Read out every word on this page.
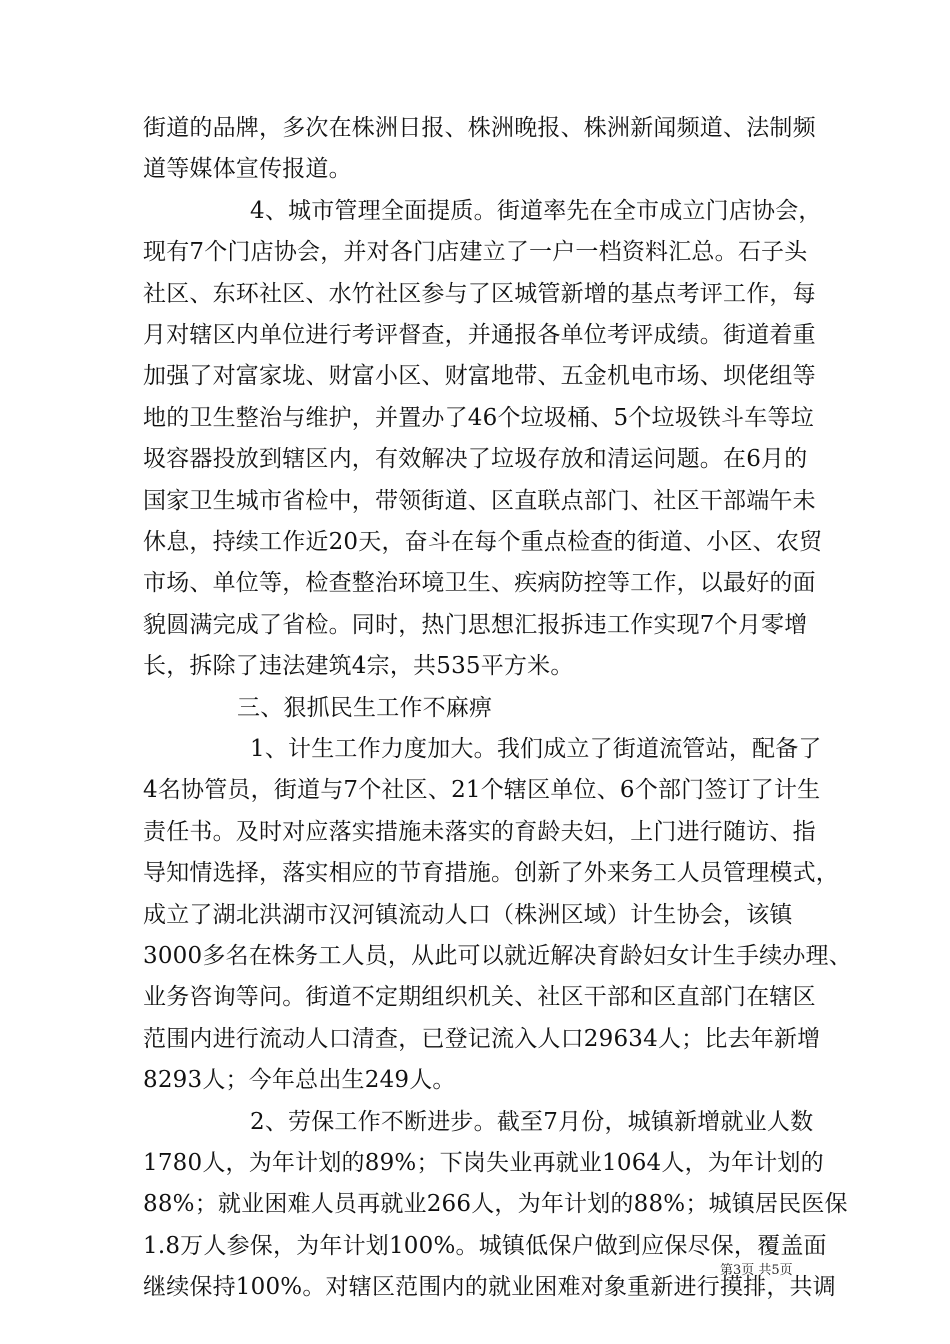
街道的品牌，多次在株洲日报、株洲晚报、株洲新闻频道、法制频
道等媒体宣传报道。
4、城市管理全面提质。街道率先在全市成立门店协会，
现有7个门店协会，并对各门店建立了一户一档资料汇总。石子头
社区、东环社区、水竹社区参与了区城管新增的基点考评工作，每
月对辖区内单位进行考评督查，并通报各单位考评成绩。街道着重
加强了对富家垅、财富小区、财富地带、五金机电市场、坝佬组等
地的卫生整治与维护，并置办了46个垃圾桶、5个垃圾铁斗车等垃
圾容器投放到辖区内，有效解决了垃圾存放和清运问题。在6月的
国家卫生城市省检中，带领街道、区直联点部门、社区干部端午未
休息，持续工作近20天，奋斗在每个重点检查的街道、小区、农贸
市场、单位等，检查整治环境卫生、疾病防控等工作，以最好的面
貌圆满完成了省检。同时，热门思想汇报拆违工作实现7个月零增
长，拆除了违法建筑4宗，共535平方米。
三、狠抓民生工作不麻痹
1、计生工作力度加大。我们成立了街道流管站，配备了
4名协管员，街道与7个社区、21个辖区单位、6个部门签订了计生
责任书。及时对应落实措施未落实的育龄夫妇，上门进行随访、指
导知情选择，落实相应的节育措施。创新了外来务工人员管理模式，
成立了湖北洪湖市汉河镇流动人口（株洲区域）计生协会，该镇
3000多名在株务工人员，从此可以就近解决育龄妇女计生手续办理、
业务咨询等问。街道不定期组织机关、社区干部和区直部门在辖区
范围内进行流动人口清查，已登记流入人口29634人；比去年新增
8293人；今年总出生249人。
2、劳保工作不断进步。截至7月份，城镇新增就业人数
1780人，为年计划的89%；下岗失业再就业1064人，为年计划的
88%；就业困难人员再就业266人，为年计划的88%；城镇居民医保
1.8万人参保，为年计划100%。城镇低保户做到应保尽保，覆盖面
继续保持100%。对辖区范围内的就业困难对象重新进行摸排，共调
第3页 共5页
